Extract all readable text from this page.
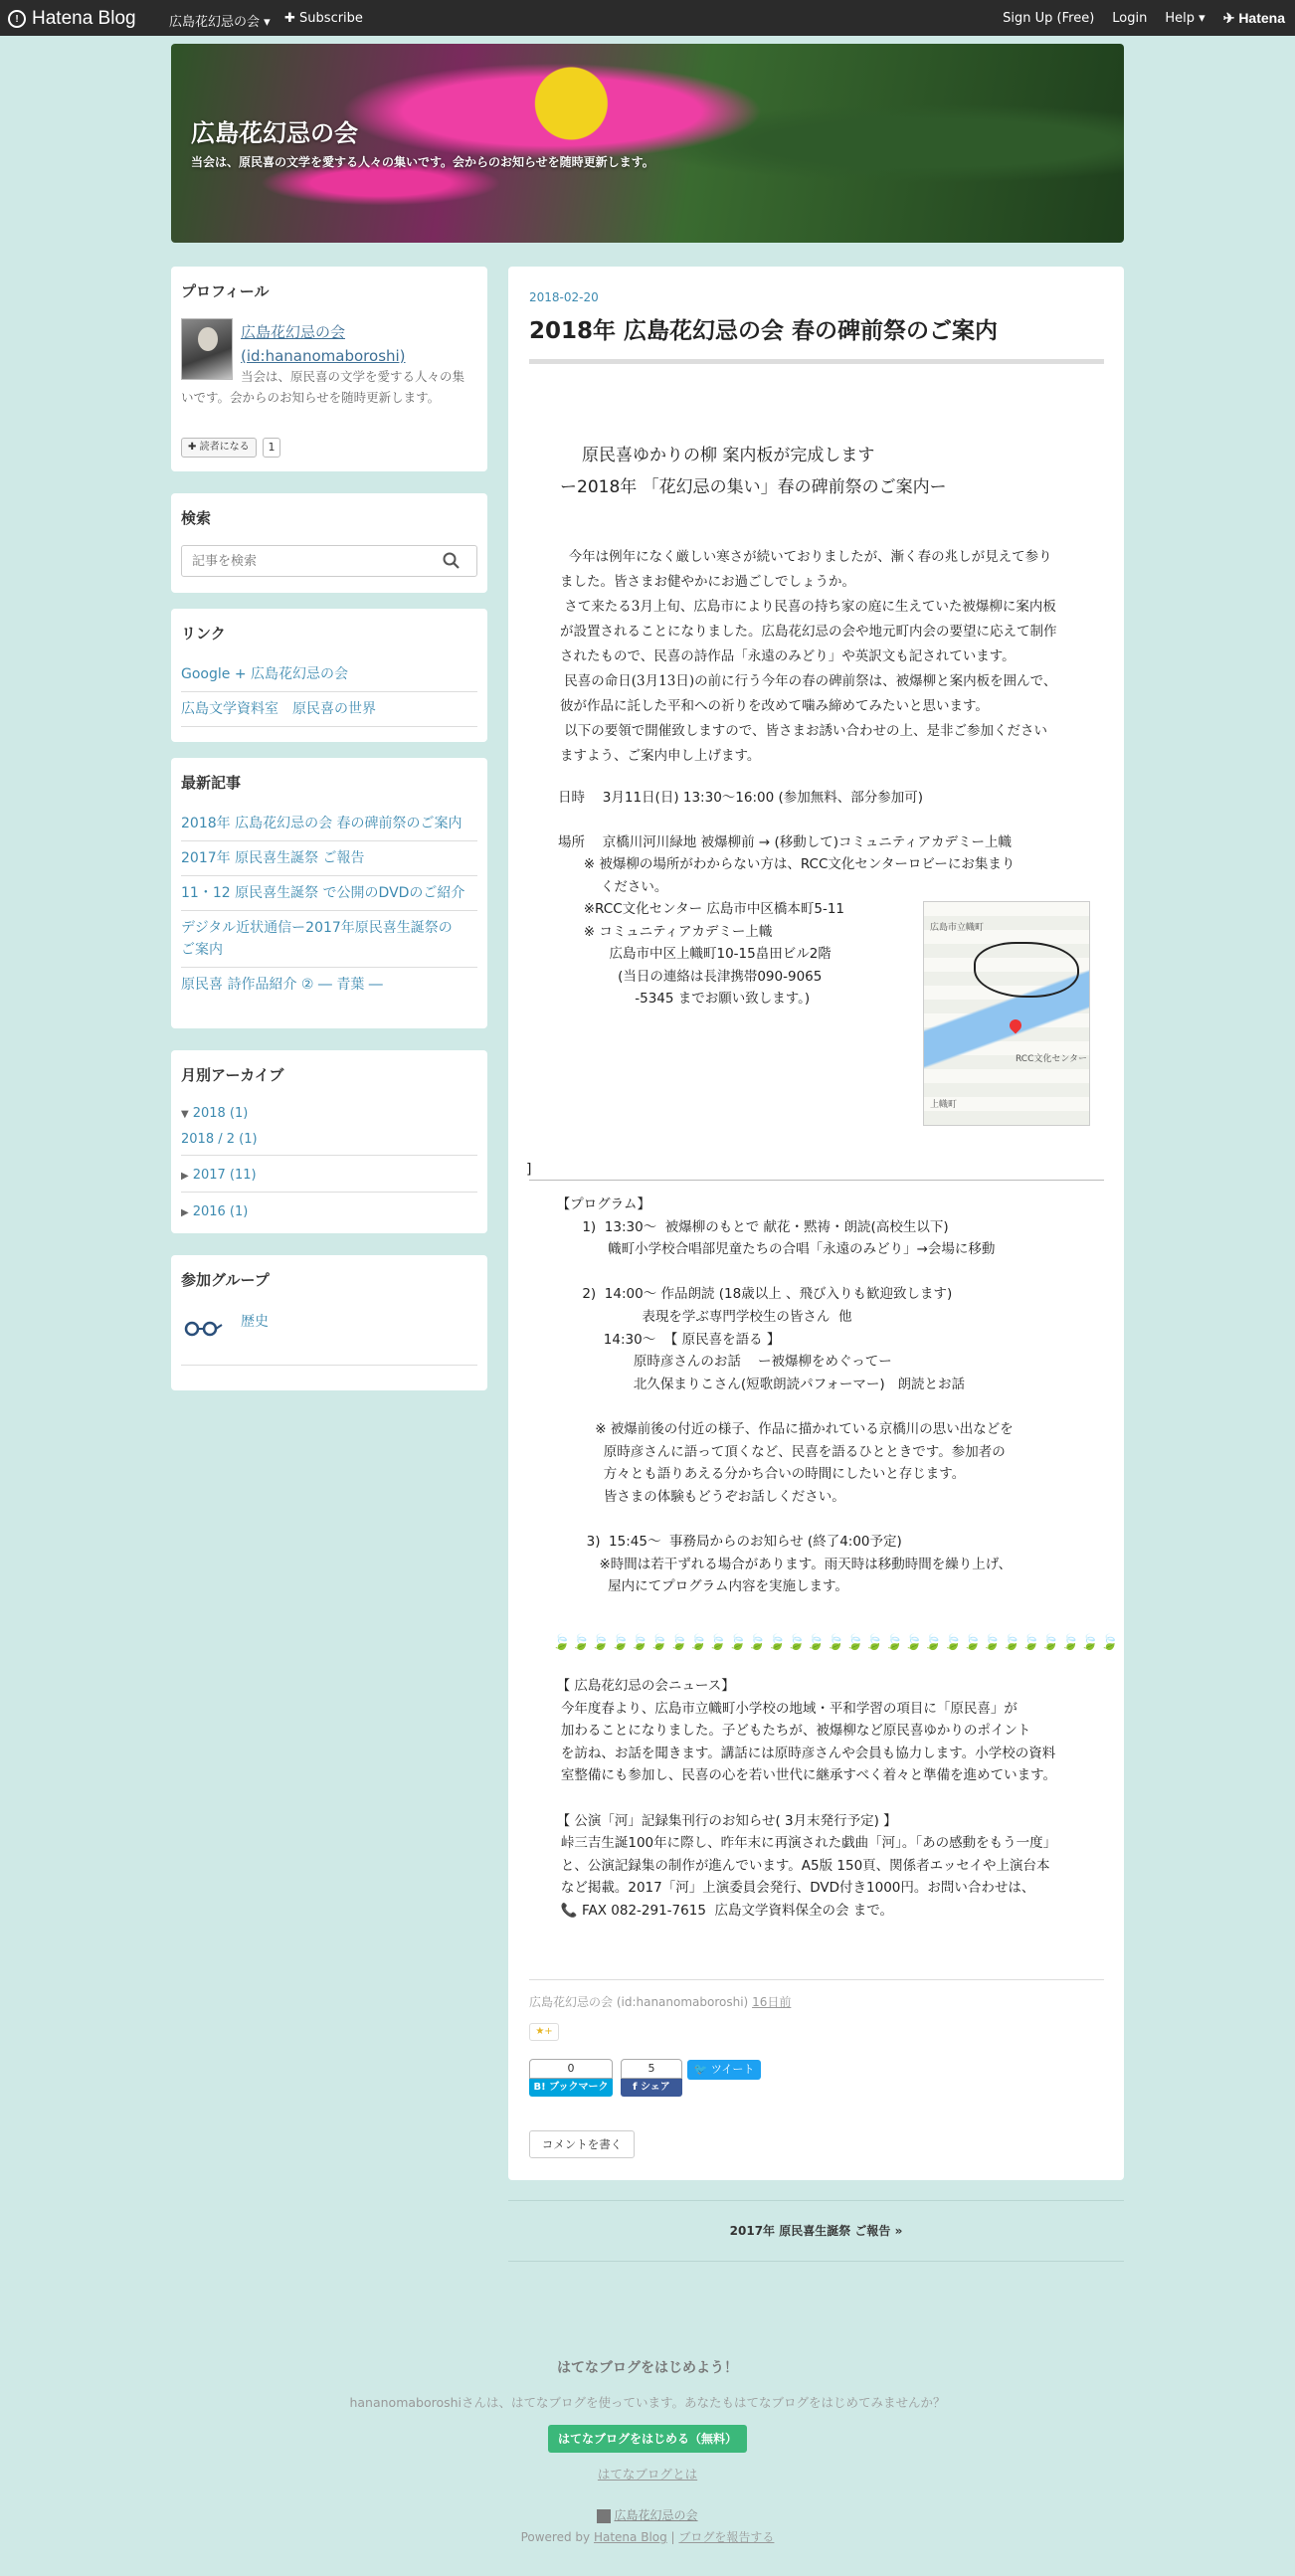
! Hatena Blog	広島花幻忌の会 ▾ ✚ Subscribe	Sign Up (Free) Login Help ▾ ✈ Hatena
広島花幻忌の会
当会は、原民喜の文学を愛する人々の集いです。会からのお知らせを随時更新します。
プロフィール
広島花幻忌の会
(id:hananomaboroshi)
当会は、原民喜の文学を愛する人々の集いです。会からのお知らせを随時更新します。
✚ 読者になる	1
検索
記事を検索
リンク
Google + 広島花幻忌の会
広島文学資料室　原民喜の世界
最新記事
2018年 広島花幻忌の会 春の碑前祭のご案内
2017年 原民喜生誕祭 ご報告
11・12 原民喜生誕祭 で公開のDVDのご紹介
デジタル近状通信ー2017年原民喜生誕祭の
ご案内
原民喜 詩作品紹介 ② ― 青葉 ―
月別アーカイブ
▼ 2018 (1)
2018 / 2 (1)
▶ 2017 (11)
▶ 2016 (1)
参加グループ
歴史
2018-02-20
2018年 広島花幻忌の会 春の碑前祭のご案内
原民喜ゆかりの柳 案内板が完成します
ー2018年 「花幻忌の集い」春の碑前祭のご案内ー
今年は例年になく厳しい寒さが続いておりましたが、漸く春の兆しが見えて参り
ました。皆さまお健やかにお過ごしでしょうか。
さて来たる3月上旬、広島市により民喜の持ち家の庭に生えていた被爆柳に案内板
が設置されることになりました。広島花幻忌の会や地元町内会の要望に応えて制作
されたもので、民喜の詩作品「永遠のみどり」や英訳文も記されています。
民喜の命日(3月13日)の前に行う今年の春の碑前祭は、被爆柳と案内板を囲んで、
彼が作品に託した平和への祈りを改めて噛み締めてみたいと思います。
以下の要領で開催致しますので、皆さまお誘い合わせの上、是非ご参加ください
ますよう、ご案内申し上げます。
日時　 3月11日(日) 13:30〜16:00 (参加無料、部分参加可)
場所　 京橋川河川緑地 被爆柳前 → (移動して)コミュニティアカデミー上幟
※ 被爆柳の場所がわからない方は、RCC文化センターロビーにお集まり
ください。
※RCC文化センター 広島市中区橋本町5-11
※ コミュニティアカデミー上幟
広島市中区上幟町10-15畠田ビル2階
(当日の連絡は長津携帯090-9065
-5345 までお願い致します。)
広島市立幟町
RCC文化センター
上幟町
]
【プログラム】
1)  13:30〜  被爆柳のもとで 献花・黙祷・朗読(高校生以下)
幟町小学校合唱部児童たちの合唱「永遠のみどり」→会場に移動

2)  14:00〜 作品朗読 (18歳以上 、飛び入りも歓迎致します)
表現を学ぶ専門学校生の皆さん  他
14:30〜  【 原民喜を語る 】
原時彦さんのお話    ー被爆柳をめぐってー
北久保まりこさん(短歌朗読パフォーマー)   朗読とお話

※ 被爆前後の付近の様子、作品に描かれている京橋川の思い出などを
原時彦さんに語って頂くなど、民喜を語るひとときです。参加者の
方々とも語りあえる分かち合いの時間にしたいと存じます。
皆さまの体験もどうぞお話しください。

3)  15:45〜  事務局からのお知らせ (終了4:00予定)
※時間は若干ずれる場合があります。雨天時は移動時間を繰り上げ、
屋内にてプログラム内容を実施します。
🍃🍃🍃🍃🍃🍃🍃🍃🍃🍃🍃🍃🍃🍃🍃🍃🍃🍃🍃🍃🍃🍃🍃🍃🍃🍃🍃🍃🍃
【 広島花幻忌の会ニュース】
今年度春より、広島市立幟町小学校の地域・平和学習の項目に「原民喜」が
加わることになりました。子どもたちが、被爆柳など原民喜ゆかりのポイント
を訪ね、お話を聞きます。講話には原時彦さんや会員も協力します。小学校の資料
室整備にも参加し、民喜の心を若い世代に継承すべく着々と準備を進めています。

【 公演「河」記録集刊行のお知らせ( 3月末発行予定) 】
峠三吉生誕100年に際し、昨年末に再演された戯曲「河」。「あの感動をもう一度」
と、公演記録集の制作が進んでいます。A5版 150頁、関係者エッセイや上演台本
など掲載。2017「河」上演委員会発行、DVD付き1000円。お問い合わせは、
📞 FAX 082-291-7615  広島文学資料保全の会 まで。
広島花幻忌の会 (id:hananomaboroshi) 16日前
★+
0
B! ブックマーク
5
f シェア
🐦 ツイート
コメントを書く
2017年 原民喜生誕祭 ご報告 »
はてなブログをはじめよう！
hananomaboroshiさんは、はてなブログを使っています。あなたもはてなブログをはじめてみませんか？
はてなブログをはじめる（無料）
はてなブログとは
広島花幻忌の会
Powered by Hatena Blog | ブログを報告する
